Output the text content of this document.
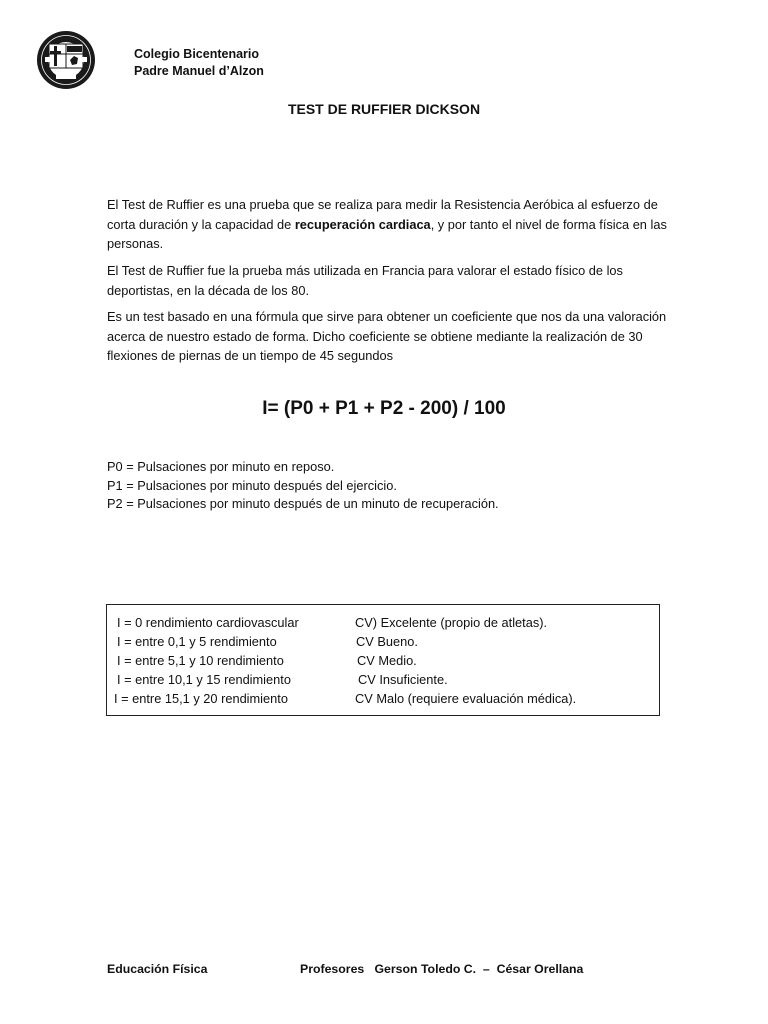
Colegio Bicentenario
Padre Manuel d’Alzon
TEST DE RUFFIER DICKSON
El Test de Ruffier es una prueba que se realiza para medir la Resistencia Aeróbica al esfuerzo de corta duración y la capacidad de recuperación cardiaca, y por tanto el nivel de forma física en las personas.
El Test de Ruffier fue la prueba más utilizada en Francia para valorar el estado físico de los deportistas, en la década de los 80.
Es un test basado en una fórmula que sirve para obtener un coeficiente que nos da una valoración acerca de nuestro estado de forma. Dicho coeficiente se obtiene mediante la realización de 30 flexiones de piernas de un tiempo de 45 segundos
I= (P0 + P1 + P2 - 200) / 100
P0 = Pulsaciones por minuto en reposo.
P1 = Pulsaciones por minuto después del ejercicio.
P2 = Pulsaciones por minuto después de un minuto de recuperación.
I = 0 rendimiento cardiovascular	CV) Excelente (propio de atletas).
I = entre 0,1 y 5 rendimiento	CV Bueno.
I = entre 5,1 y 10 rendimiento	CV Medio.
I = entre 10,1 y 15 rendimiento	CV Insuficiente.
I = entre 15,1 y 20 rendimiento	CV Malo (requiere evaluación médica).
Educación Física	Profesores   Gerson Toledo C.  –  César Orellana
